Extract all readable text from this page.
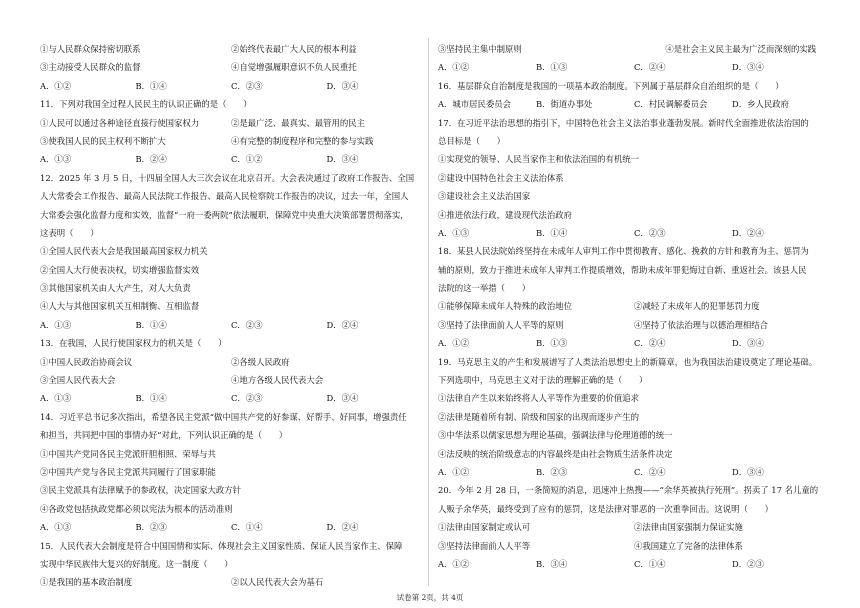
①与人民群众保持密切联系	②始终代表最广大人民的根本利益
③主动接受人民群众的监督	④自觉增强履职意识不负人民重托
A．①②	B．①④	C．②③	D．③④
11．下列对我国全过程人民民主的认识正确的是（　　）
①人民可以通过各种途径直接行使国家权力	②是最广泛、最真实、最管用的民主
③使我国人民的民主权利不断扩大	④有完整的制度程序和完整的参与实践
A．①③	B．②④	C．①②	D．③④
12．2025 年 3 月 5 日，十四届全国人大三次会议在北京召开。大会表决通过了政府工作报告、全国
人大常委会工作报告、最高人民法院工作报告、最高人民检察院工作报告的决议，过去一年，全国人
大常委会强化监督力度和实效，监督“一府一委两院”依法履职，保障党中央重大决策部署贯彻落实，
这表明（　　）
①全国人民代表大会是我国最高国家权力机关
②全国人大行使表决权，切实增强监督实效
③其他国家机关由人大产生，对人大负责
④人大与其他国家机关互相制衡、互相监督
A．①③	B．①④	C．②③	D．②④
13．在我国，人民行使国家权力的机关是（　　）
①中国人民政治协商会议	②各级人民政府
③全国人民代表大会	④地方各级人民代表大会
A．①③	B．①④	C．②③	D．③④
14．习近平总书记多次指出，希望各民主党派“做中国共产党的好参谋、好帮手、好同事，增强责任
和担当，共同把中国的事情办好”对此，下列认识正确的是（　　）
①中国共产党同各民主党派肝胆相照、荣辱与共
②中国共产党与各民主党派共同履行了国家职能
③民主党派具有法律赋予的参政权，决定国家大政方针
④各政党包括执政党都必须以宪法为根本的活动准则
A．①③	B．②③	C．①④	D．②④
15．人民代表大会制度是符合中国国情和实际、体现社会主义国家性质、保证人民当家作主、保障
实现中华民族伟大复兴的好制度。这一制度（　　）
①是我国的基本政治制度	②以人民代表大会为基石
③坚持民主集中制原则	④是社会主义民主最为广泛而深刻的实践
A．①②	B．①③	C．②④	D．③④
16．基层群众自治制度是我国的一项基本政治制度。下列属于基层群众自治组织的是（　　）
A．城市居民委员会	B．街道办事处	C．村民调解委员会	D．乡人民政府
17．在习近平法治思想的指引下，中国特色社会主义法治事业蓬勃发展。新时代全面推进依法治国的
总目标是（　　）
①实现党的领导、人民当家作主和依法治国的有机统一
②建设中国特色社会主义法治体系
③建设社会主义法治国家
④推进依法行政，建设现代法治政府
A．①③	B．①④	C．②③	D．②④
18．某县人民法院始终坚持在未成年人审判工作中贯彻教育、感化、挽救的方针和教育为主、惩罚为
辅的原则，致力于推进未成年人审判工作提质增效，帮助未成年罪犯悔过自新、重返社会。该县人民
法院的这一举措（　　）
①能够保障未成年人特殊的政治地位	②减轻了未成年人的犯罪惩罚力度
③坚持了法律面前人人平等的原则	④坚持了依法治理与以德治理相结合
A．①②	B．①③	C．②④	D．③④
19．马克思主义的产生和发展谱写了人类法治思想史上的新篇章，也为我国法治建设奠定了理论基础。
下列选项中，马克思主义对于法的理解正确的是（　　）
①法律自产生以来始终将人人平等作为重要的价值追求
②法律是随着所有制、阶级和国家的出现而逐步产生的
③中华法系以儒家思想为理论基础，强调法律与伦理道德的统一
④法反映的统治阶级意志的内容最终是由社会物质生活条件决定
A．①②	B．②③	C．②④	D．③④
20．今年 2 月 28 日，一条简短的消息，迅速冲上热搜——“余华英被执行死刑”。拐卖了 17 名儿童的
人贩子余华英，最终受到了应有的惩罚，这是法律对罪恶的一次重拳回击。这说明（　　）
①法律由国家制定或认可	②法律由国家强制力保证实施
③坚持法律面前人人平等	④我国建立了完备的法律体系
A．①②	B．③④	C．①④	D．②③
试卷第 2页，共 4页
